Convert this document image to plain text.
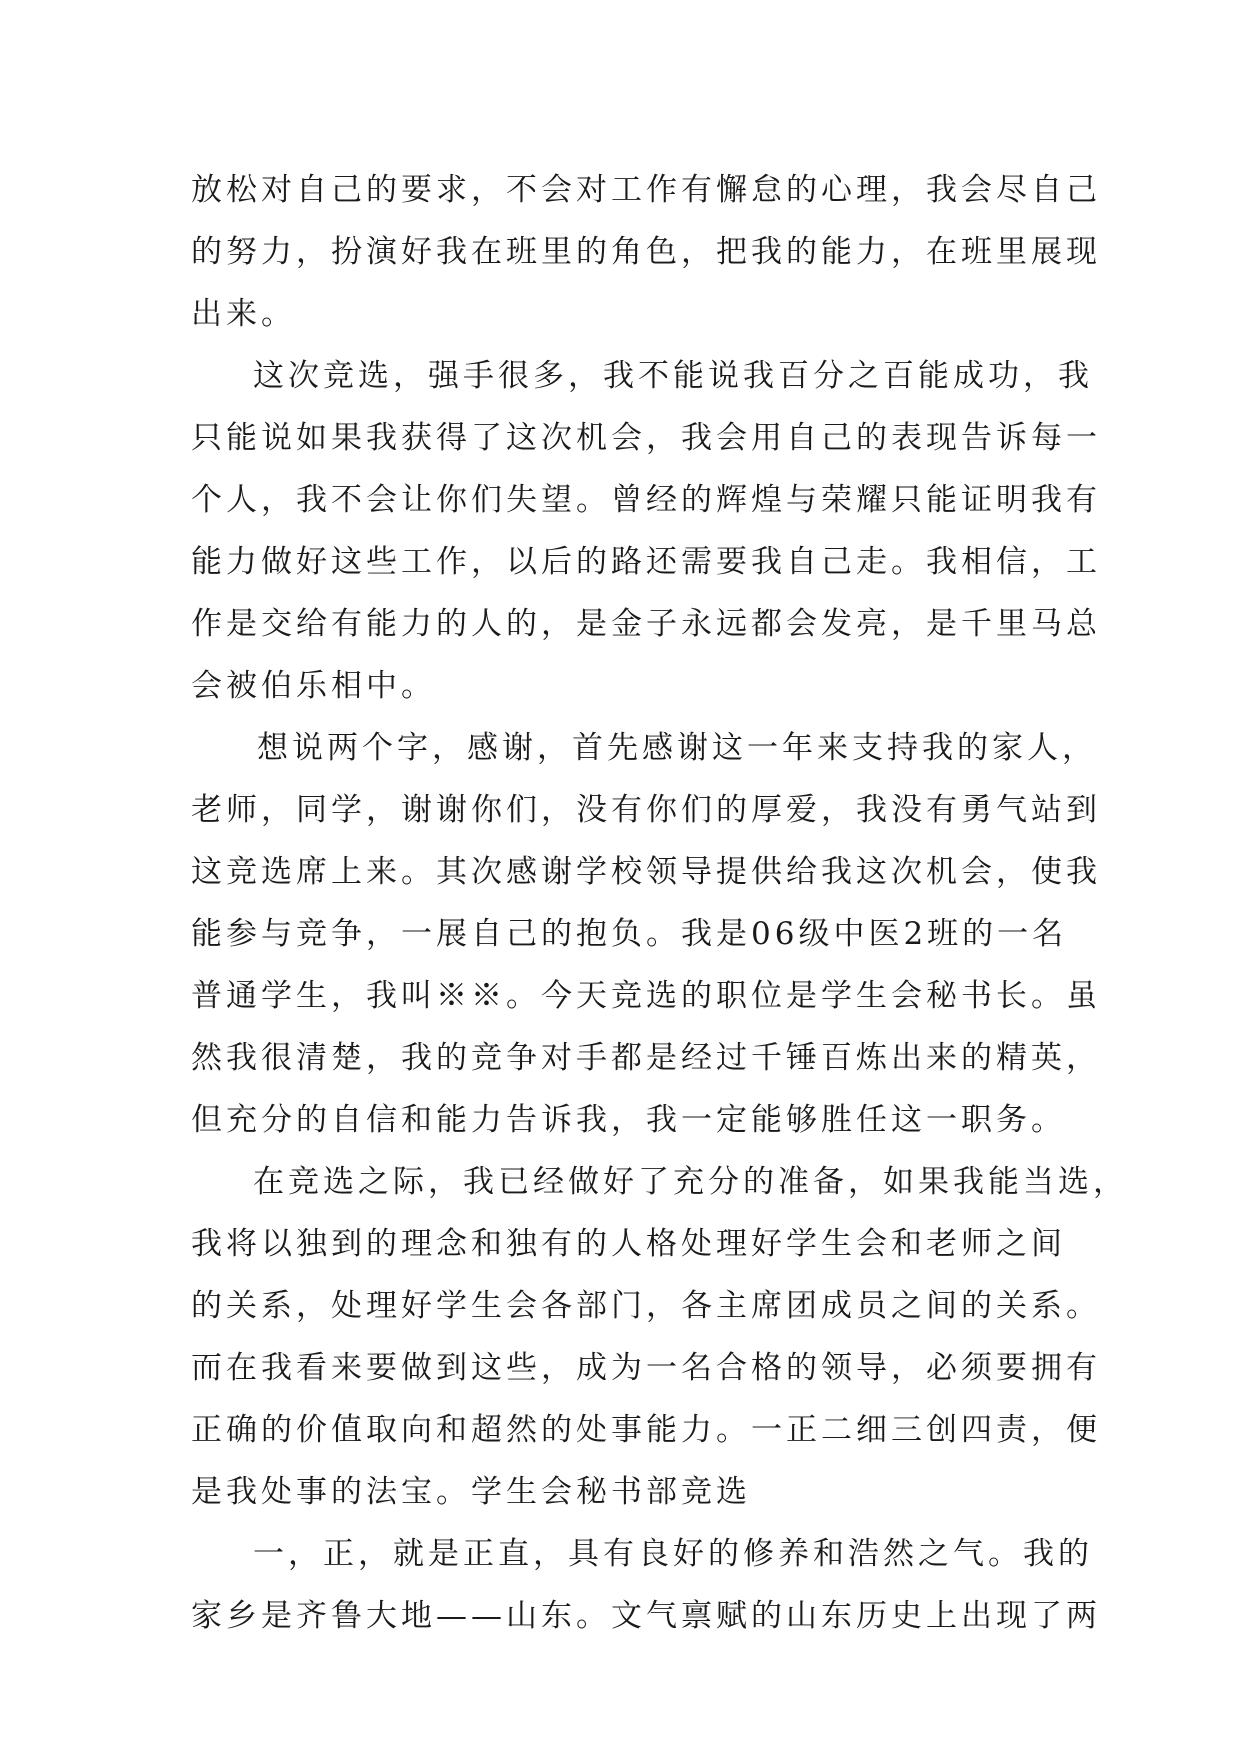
放松对自己的要求，不会对工作有懈怠的心理，我会尽自己
的努力，扮演好我在班里的角色，把我的能力，在班里展现
出来。
这次竞选，强手很多，我不能说我百分之百能成功，我
只能说如果我获得了这次机会，我会用自己的表现告诉每一
个人，我不会让你们失望。曾经的辉煌与荣耀只能证明我有
能力做好这些工作，以后的路还需要我自己走。我相信，工
作是交给有能力的人的，是金子永远都会发亮，是千里马总
会被伯乐相中。
想说两个字，感谢，首先感谢这一年来支持我的家人，
老师，同学，谢谢你们，没有你们的厚爱，我没有勇气站到
这竞选席上来。其次感谢学校领导提供给我这次机会，使我
能参与竞争，一展自己的抱负。我是06级中医2班的一名
普通学生，我叫※※。今天竞选的职位是学生会秘书长。虽
然我很清楚，我的竞争对手都是经过千锤百炼出来的精英，
但充分的自信和能力告诉我，我一定能够胜任这一职务。
在竞选之际，我已经做好了充分的准备，如果我能当选，
我将以独到的理念和独有的人格处理好学生会和老师之间
的关系，处理好学生会各部门，各主席团成员之间的关系。
而在我看来要做到这些，成为一名合格的领导，必须要拥有
正确的价值取向和超然的处事能力。一正二细三创四责，便
是我处事的法宝。学生会秘书部竞选
一，正，就是正直，具有良好的修养和浩然之气。我的
家乡是齐鲁大地——山东。文气禀赋的山东历史上出现了两
